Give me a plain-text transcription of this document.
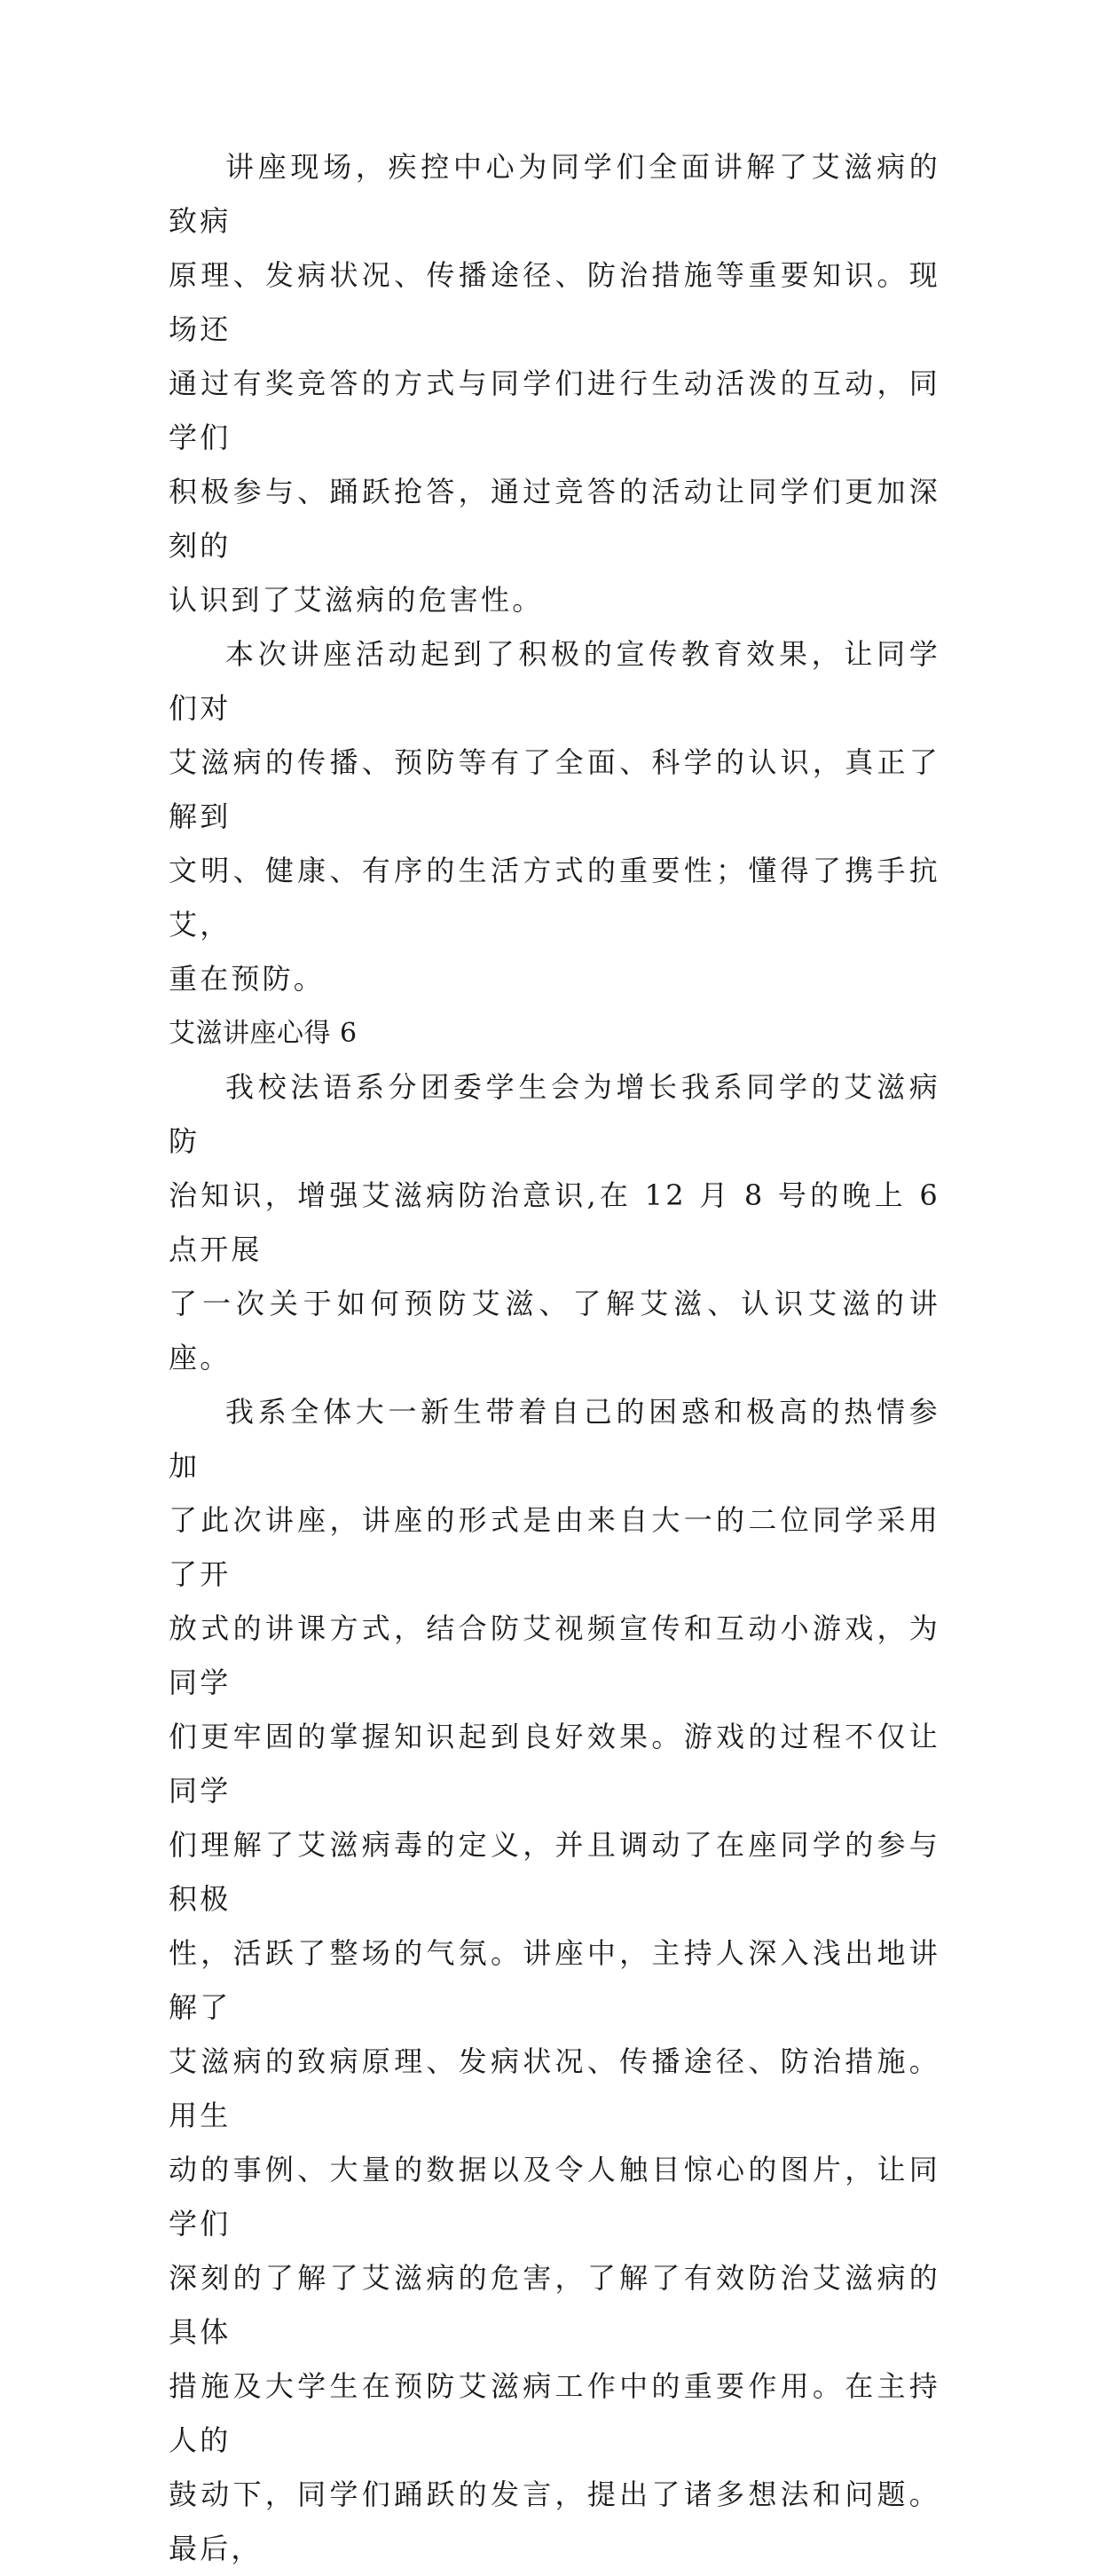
讲座现场，疾控中心为同学们全面讲解了艾滋病的致病
原理、发病状况、传播途径、防治措施等重要知识。现场还
通过有奖竞答的方式与同学们进行生动活泼的互动，同学们
积极参与、踊跃抢答，通过竞答的活动让同学们更加深刻的
认识到了艾滋病的危害性。

本次讲座活动起到了积极的宣传教育效果，让同学们对
艾滋病的传播、预防等有了全面、科学的认识，真正了解到
文明、健康、有序的生活方式的重要性；懂得了携手抗艾，
重在预防。

艾滋讲座心得 6

我校法语系分团委学生会为增长我系同学的艾滋病防
治知识，增强艾滋病防治意识,在 12 月 8 号的晚上 6 点开展
了一次关于如何预防艾滋、了解艾滋、认识艾滋的讲座。

我系全体大一新生带着自己的困惑和极高的热情参加
了此次讲座，讲座的形式是由来自大一的二位同学采用了开
放式的讲课方式，结合防艾视频宣传和互动小游戏，为同学
们更牢固的掌握知识起到良好效果。游戏的过程不仅让同学
们理解了艾滋病毒的定义，并且调动了在座同学的参与积极
性，活跃了整场的气氛。讲座中，主持人深入浅出地讲解了
艾滋病的致病原理、发病状况、传播途径、防治措施。用生
动的事例、大量的数据以及令人触目惊心的图片，让同学们
深刻的了解了艾滋病的危害，了解了有效防治艾滋病的具体
措施及大学生在预防艾滋病工作中的重要作用。在主持人的
鼓动下，同学们踊跃的发言，提出了诸多想法和问题。最后，
